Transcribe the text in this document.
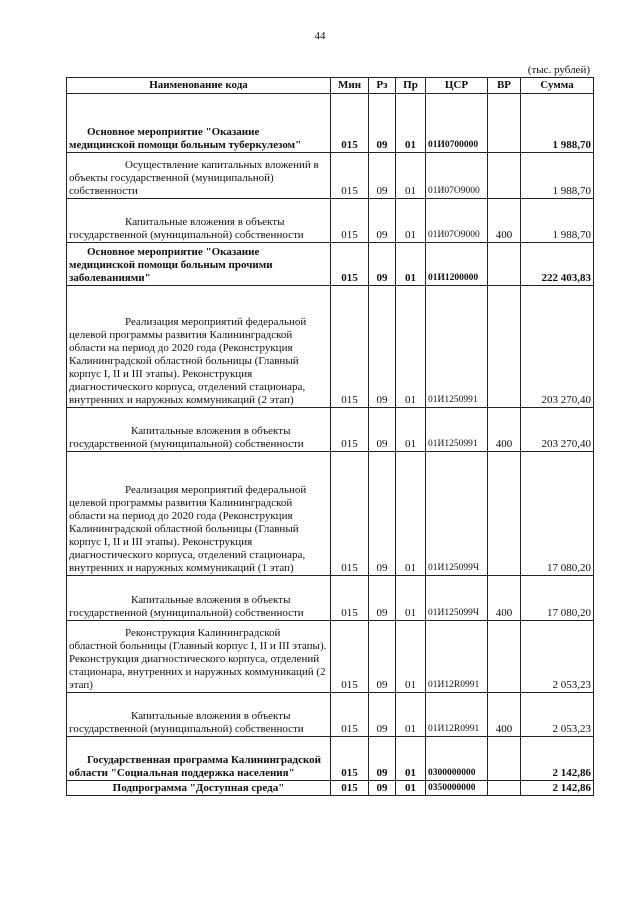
44
(тыс. рублей)
Наименование кода	Мин	Рз	Пр	ЦСР	ВР	Сумма

Основное мероприятие "Оказание медицинской помощи больным туберкулезом"	015	09	01	01И0700000		1 988,70

Осуществление капитальных вложений в объекты государственной (муниципальной) собственности	015	09	01	01И07О9000		1 988,70

Капитальные вложения в объекты государственной (муниципальной) собственности	015	09	01	01И07О9000	400	1 988,70

Основное мероприятие "Оказание медицинской помощи больным прочими заболеваниями"	015	09	01	01И1200000		222 403,83

Реализация мероприятий федеральной целевой программы развития Калининградской области на период до 2020 года (Реконструкция Калининградской областной больницы (Главный корпус I, II и III этапы). Реконструкция диагностического корпуса, отделений стационара, внутренних и наружных коммуникаций (2 этап)	015	09	01	01И1250991		203 270,40

Капитальные вложения в объекты государственной (муниципальной) собственности	015	09	01	01И1250991	400	203 270,40

Реализация мероприятий федеральной целевой программы развития Калининградской области на период до 2020 года (Реконструкция Калининградской областной больницы (Главный корпус I, II и III этапы). Реконструкция диагностического корпуса, отделений стационара, внутренних и наружных коммуникаций (1 этап)	015	09	01	01И125099Ч		17 080,20

Капитальные вложения в объекты государственной (муниципальной) собственности	015	09	01	01И125099Ч	400	17 080,20

Реконструкция Калининградской областной больницы (Главный корпус I, II и III этапы). Реконструкция диагностического корпуса, отделений стационара, внутренних и наружных коммуникаций (2 этап)	015	09	01	01И12R0991		2 053,23

Капитальные вложения в объекты государственной (муниципальной) собственности	015	09	01	01И12R0991	400	2 053,23

Государственная программа Калининградской области "Социальная поддержка населения"	015	09	01	0300000000		2 142,86

Подпрограмма "Доступная среда"	015	09	01	0350000000		2 142,86
